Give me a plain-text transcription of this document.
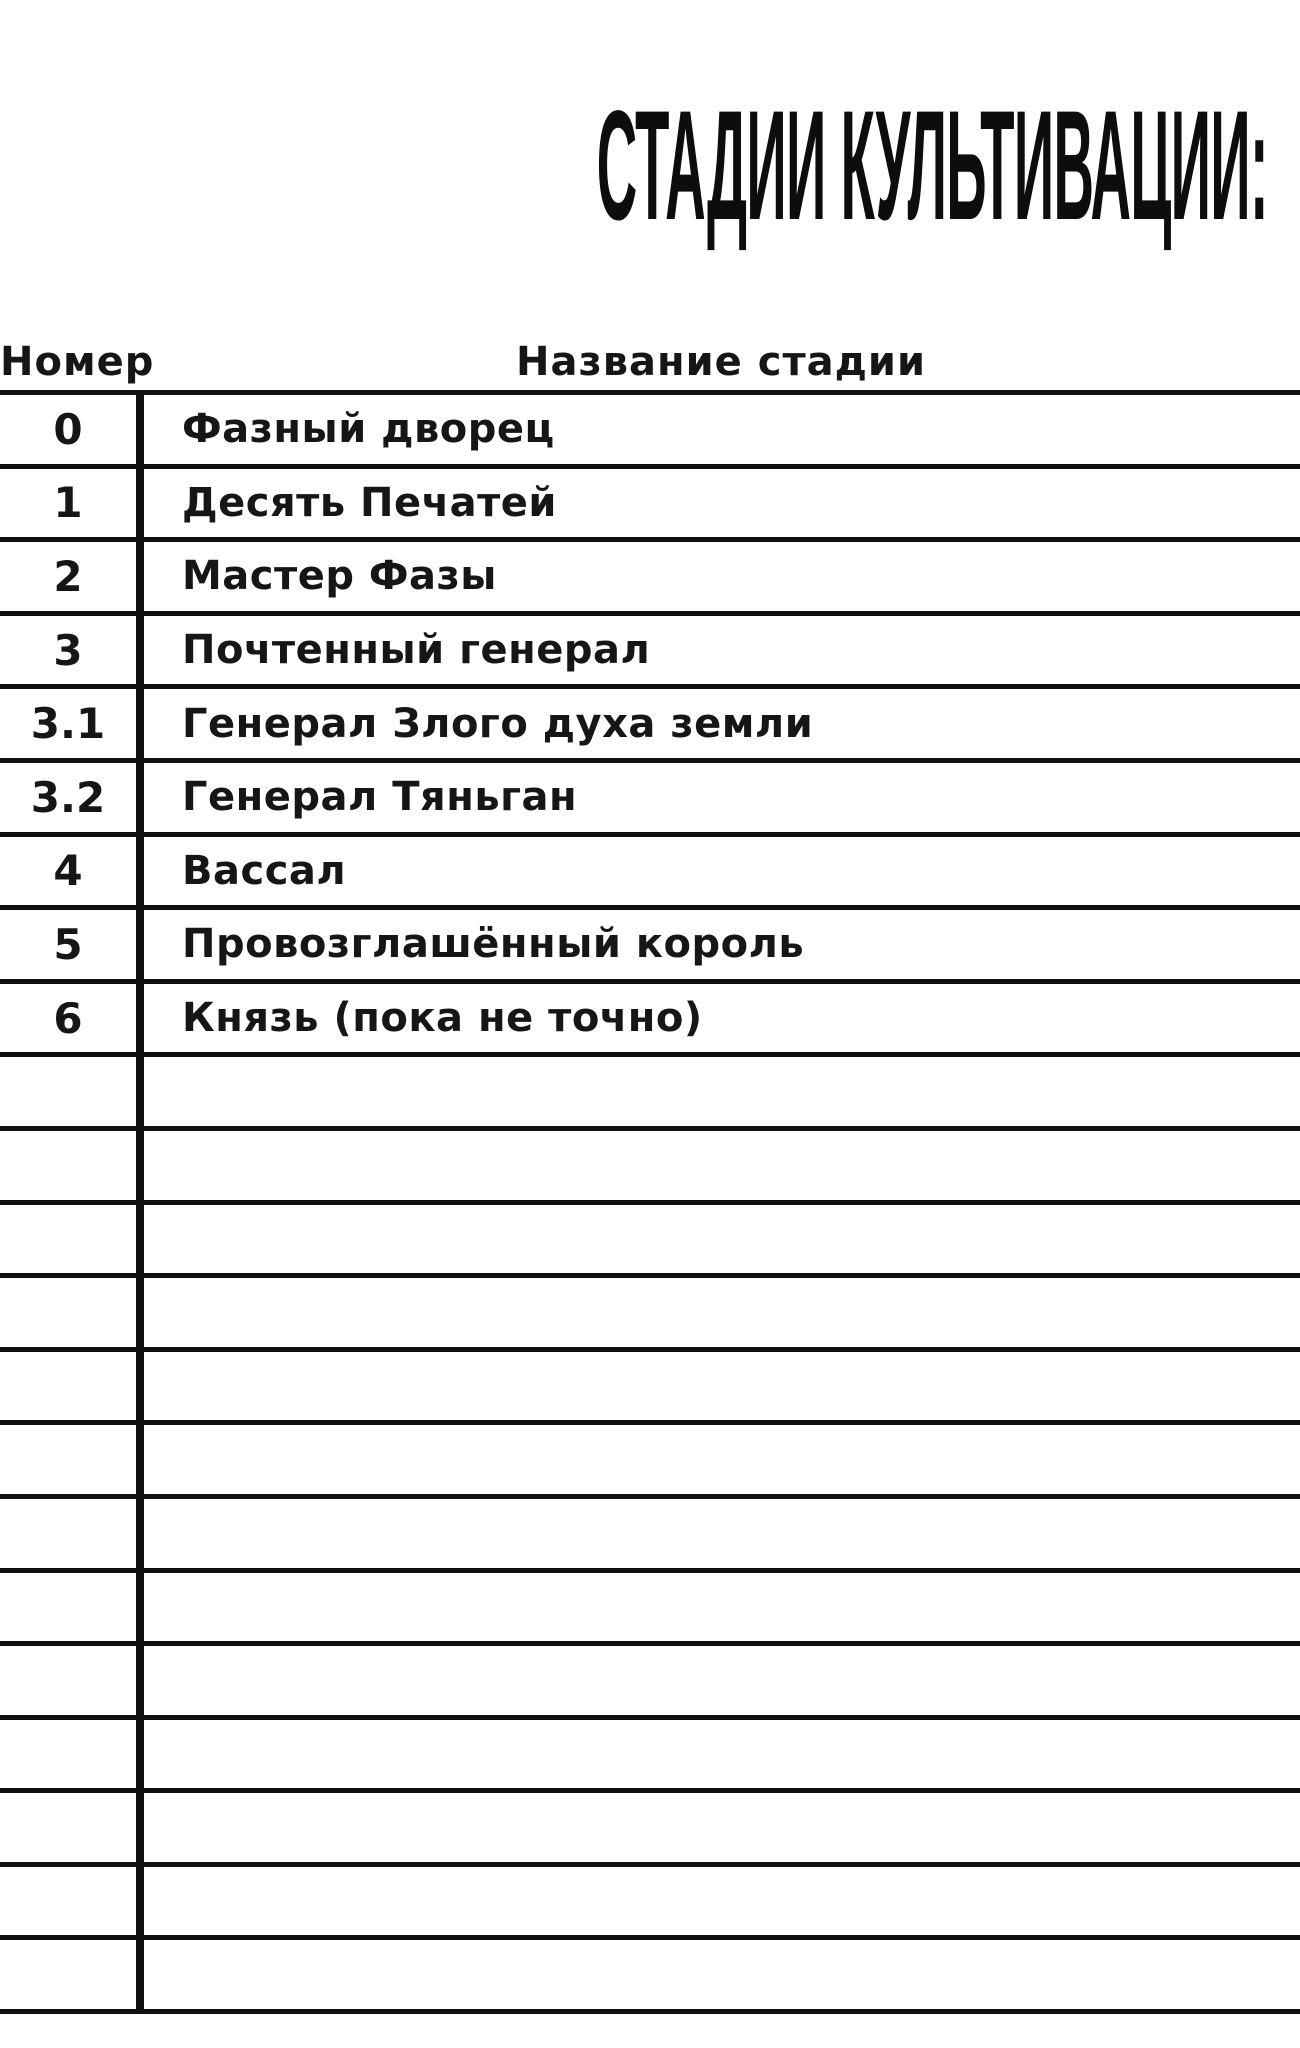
СТАДИИ КУЛЬТИВАЦИИ:
Номер	Название стадии
0	Фазный дворец
1	Десять Печатей
2	Мастер Фазы
3	Почтенный генерал
3.1	Генерал Злого духа земли
3.2	Генерал Тяньган
4	Вассал
5	Провозглашённый король
6	Князь (пока не точно)
